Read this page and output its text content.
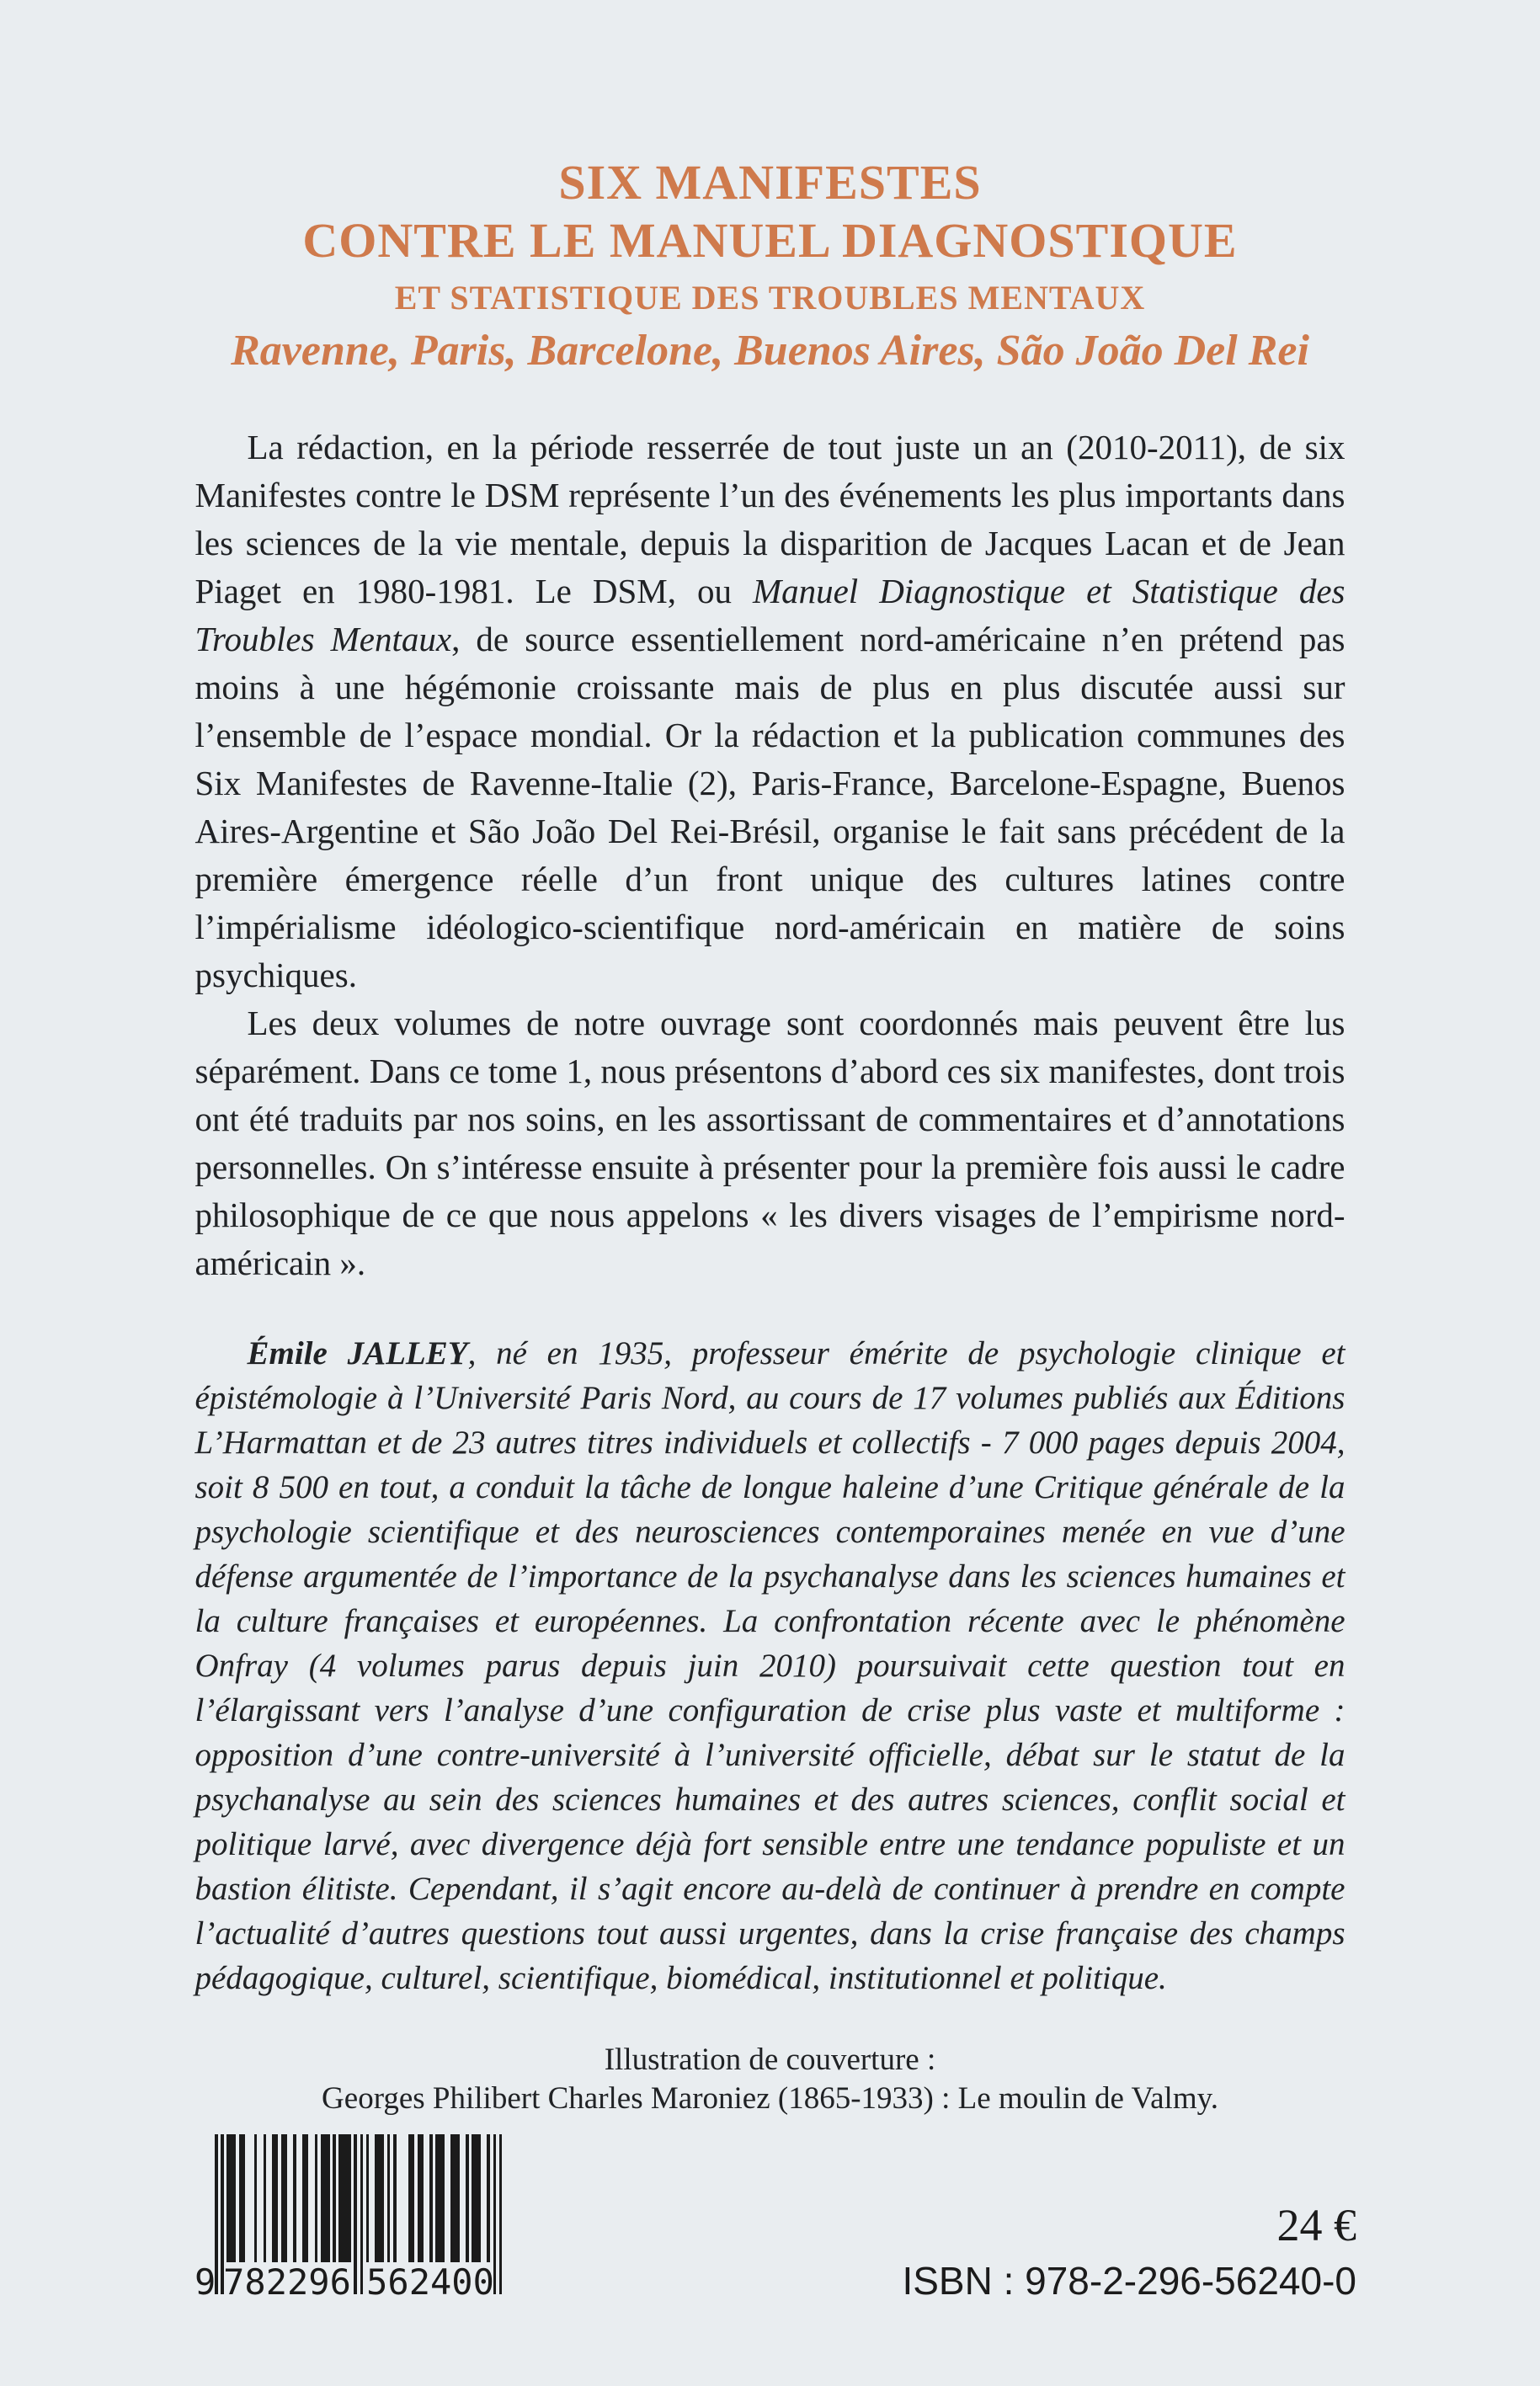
SIX MANIFESTES
CONTRE LE MANUEL DIAGNOSTIQUE
ET STATISTIQUE DES TROUBLES MENTAUX
Ravenne, Paris, Barcelone, Buenos Aires, São João Del Rei

La rédaction, en la période resserrée de tout juste un an (2010-2011), de six Manifestes contre le DSM représente l’un des événements les plus importants dans les sciences de la vie mentale, depuis la disparition de Jacques Lacan et de Jean Piaget en 1980-1981. Le DSM, ou Manuel Diagnostique et Statistique des Troubles Mentaux, de source essentiellement nord-américaine n’en prétend pas moins à une hégémonie croissante mais de plus en plus discutée aussi sur l’ensemble de l’espace mondial. Or la rédaction et la publication communes des Six Manifestes de Ravenne-Italie (2), Paris-France, Barcelone-Espagne, Buenos Aires-Argentine et São João Del Rei-Brésil, organise le fait sans précédent de la première émergence réelle d’un front unique des cultures latines contre l’impérialisme idéologico-scientifique nord-américain en matière de soins psychiques.

Les deux volumes de notre ouvrage sont coordonnés mais peuvent être lus séparément. Dans ce tome 1, nous présentons d’abord ces six manifestes, dont trois ont été traduits par nos soins, en les assortissant de commentaires et d’annotations personnelles. On s’intéresse ensuite à présenter pour la première fois aussi le cadre philosophique de ce que nous appelons « les divers visages de l’empirisme nord-américain ».

Émile JALLEY, né en 1935, professeur émérite de psychologie clinique et épistémologie à l’Université Paris Nord, au cours de 17 volumes publiés aux Éditions L’Harmattan et de 23 autres titres individuels et collectifs - 7 000 pages depuis 2004, soit 8 500 en tout, a conduit la tâche de longue haleine d’une Critique générale de la psychologie scientifique et des neurosciences contemporaines menée en vue d’une défense argumentée de l’importance de la psychanalyse dans les sciences humaines et la culture françaises et européennes. La confrontation récente avec le phénomène Onfray (4 volumes parus depuis juin 2010) poursuivait cette question tout en l’élargissant vers l’analyse d’une configuration de crise plus vaste et multiforme : opposition d’une contre-université à l’université officielle, débat sur le statut de la psychanalyse au sein des sciences humaines et des autres sciences, conflit social et politique larvé, avec divergence déjà fort sensible entre une tendance populiste et un bastion élitiste. Cependant, il s’agit encore au-delà de continuer à prendre en compte l’actualité d’autres questions tout aussi urgentes, dans la crise française des champs pédagogique, culturel, scientifique, biomédical, institutionnel et politique.

Illustration de couverture :
Georges Philibert Charles Maroniez (1865-1933) : Le moulin de Valmy.
9 782296 562400
24 €
ISBN : 978-2-296-56240-0
